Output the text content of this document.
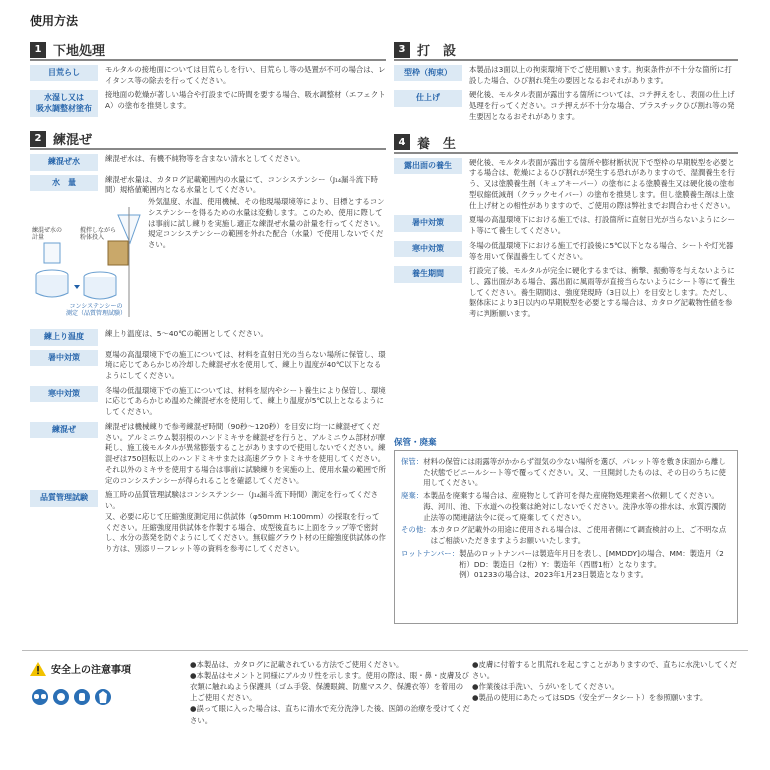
使用方法
1 下地処理
目荒らし	モルタルの接地面については目荒らしを行い、目荒らし等の処置が不可の場合は、レイタンス等の除去を行ってください。
水湿し又は
吸水調整材塗布
接地面の乾燥が著しい場合や打設までに時間を要する場合、吸水調整材（エフェクトA）の塗布を推奨します。
2 練混ぜ
練混ぜ水	練混ぜ水は、有機不純物等を含まない清水としてください。
水　量	練混ぜ水量は、カタログ記載範囲内の水量にて、コンシステンシー（J₁₄漏斗流下時間）規格値範囲内となる水量としてください。
練混ぜ水の
計量
撹拌しながら
粉体投入
コンシステンシーの
測定（品質管理試験）
外気温度、水温、使用機械、その他現場環境等により、目標とするコンシステンシーを得るための水量は変動します。このため、使用に際しては事前に試し練りを実施し適正な練混ぜ水量の計量を行ってください。規定コンシステンシーの範囲を外れた配合（水量）で使用しないでください。
練上り温度	練上り温度は、5～40℃の範囲としてください。
暑中対策	夏場の高温環境下での施工については、材料を直射日光の当らない場所に保管し、環境に応じてあらかじめ冷却した練混ぜ水を使用して、練上り温度が40℃以下となるようにしてください。
寒中対策	冬場の低温環境下での施工については、材料を屋内やシート養生により保管し、環境に応じてあらかじめ温めた練混ぜ水を使用して、練上り温度が5℃以上となるようにしてください。
練混ぜ	練混ぜは機械練りで参考練混ぜ時間（90秒～120秒）を目安に均一に練混ぜてください。アルミニウム製羽根のハンドミキサを練混ぜを行うと、アルミニウム部材が摩耗し、施工後モルタルが異常膨張することがありますので使用しないでください。練混ぜは750回転以上のハンドミキサまたは高速グラウトミキサを使用してください。それ以外のミキサを使用する場合は事前に試験練りを実施の上、使用水量の範囲で所定のコンシステンシーが得られることを確認してください。
品質管理試験	施工時の品質管理試験はコンシステンシー（J₁₄漏斗流下時間）測定を行ってください。
又、必要に応じて圧縮強度測定用に供試体（φ50mm H:100mm）の採取を行ってください。圧縮強度用供試体を作製する場合、成型後直ちに上面をラップ等で密封し、水分の蒸発を防ぐようにしてください。無収縮グラウト材の圧縮強度供試体の作り方は、別添リーフレット等の資料を参考にしてください。
3 打　設
型枠（拘束）	本製品は3面以上の拘束環境下でご使用願います。拘束条件が不十分な箇所に打設した場合、ひび割れ発生の要因となるおそれがあります。
仕上げ	硬化後、モルタル表面が露出する箇所については、コテ押えをし、表面の仕上げ処理を行ってください。コテ押えが不十分な場合、プラスチックひび割れ等の発生要因となるおそれがあります。
4 養　生
露出面の養生	硬化後、モルタル表面が露出する箇所や膨材断状況下で型枠の早期脱型を必要とする場合は、乾燥によるひび割れが発生する恐れがありますので、湿潤養生を行う、又は塗膜養生剤（キュアキーパー）の塗布による塗膜養生又は硬化後の塗布型収縮低減剤（クラックセイバー）の塗布を推奨します。但し塗膜養生剤は上塗仕上げ材との相性がありますので、ご使用の際は弊社までお問合わせください。
暑中対策	夏場の高温環境下における施工では、打設箇所に直射日光が当らないようにシート等にて養生してください。
寒中対策	冬場の低温環境下における施工で打設後に5℃以下となる場合、シートや灯光器等を用いて保温養生してください。
養生期間	打設完了後、モルタルが完全に硬化するまでは、衝撃、振動等を与えないようにし、露出面がある場合、露出面に風雨等が直接当らないようにシート等にて養生してください。養生期間は、強度発現時（3日以上）を目安とします。ただし、躯体床により3日以内の早期脱型を必要とする場合は、カタログ記載物性値を参考に判断願います。
保管・廃棄
保管： 材料の保管には雨露等がかからず湿気の少ない場所を選び、パレット等を敷き床面から離した状態でビニールシート等で覆ってください。又、一旦開封したものは、その日のうちに使用してください。
廃棄： 本製品を廃棄する場合は、産廃物として許可を得た産廃物処理業者へ依頼してください。海、河川、池、下水道への投棄は絶対にしないでください。洗浄水等の排水は、水質汚濁防止法等の関連諸法令に従って廃棄してください。
その他： 本カタログ記載外の用途に使用される場合は、ご使用者側にて調査検討の上、ご不明な点はご相談いただきますようお願いいたします。
ロットナンバー： 製品のロットナンバーは製造年月日を表し、[MMDDY]の場合、MM：製造月（2桁）DD：製造日（2桁）Y：製造年（西暦1桁）となります。
例）01233の場合は、2023年1月23日製造となります。
安全上の注意事項

●本製品は、カタログに記載されている方法でご使用ください。

●本製品はセメントと同様にアルカリ性を示します。使用の際は、眼・鼻・皮膚及び衣類に触れぬよう保護具（ゴム手袋、保護眼鏡、防塵マスク、保護衣等）を着用の上ご使用ください。

●誤って眼に入った場合は、直ちに清水で充分洗浄した後、医師の治療を受けてください。

●皮膚に付着すると肌荒れを起こすことがありますので、直ちに水洗いしてください。

●作業後は手洗い、うがいをしてください。

●製品の使用にあたってはSDS（安全データシート）を参照願います。
